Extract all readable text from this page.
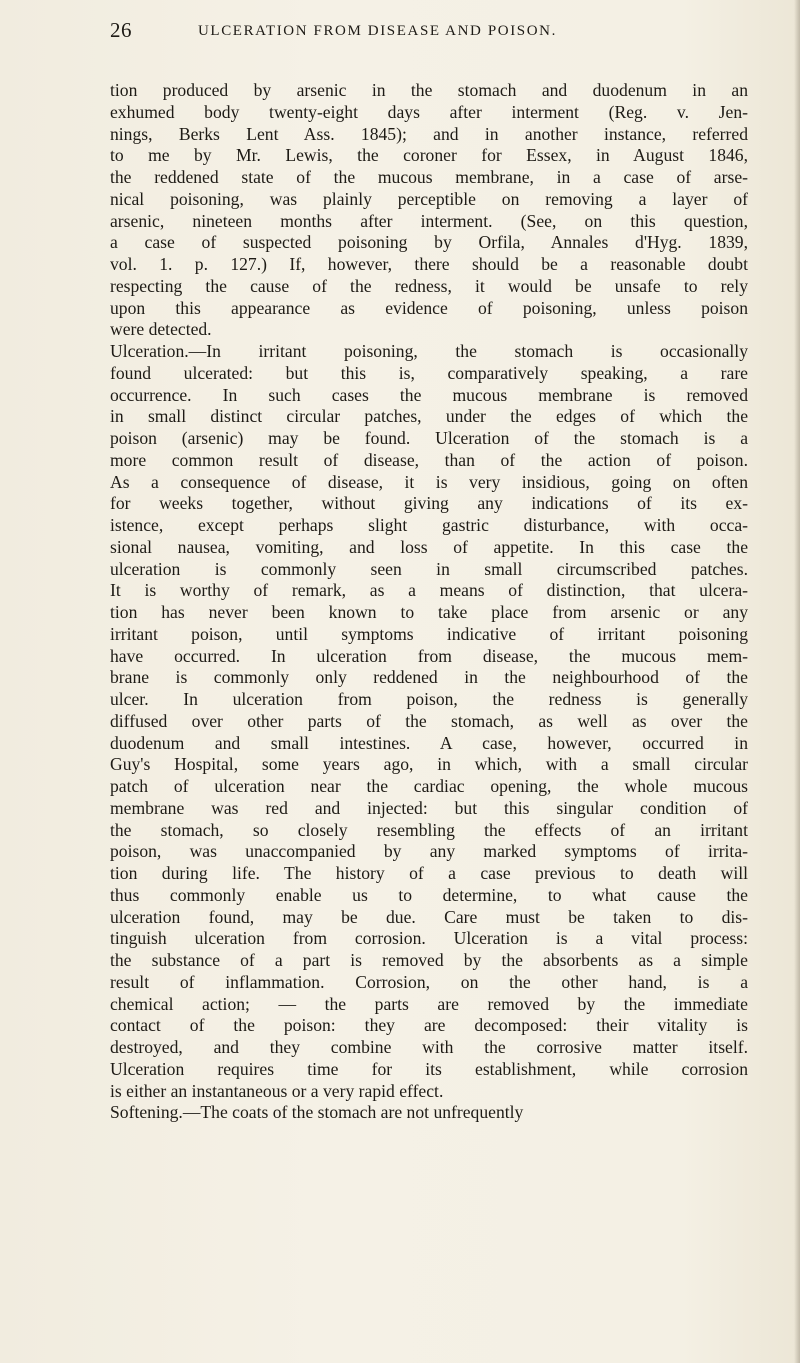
26	ULCERATION FROM DISEASE AND POISON.
tion produced by arsenic in the stomach and duodenum in an
exhumed body twenty-eight days after interment (Reg. v. Jen-
nings, Berks Lent Ass. 1845); and in another instance, referred
to me by Mr. Lewis, the coroner for Essex, in August 1846,
the reddened state of the mucous membrane, in a case of arse-
nical poisoning, was plainly perceptible on removing a layer of
arsenic, nineteen months after interment. (See, on this question,
a case of suspected poisoning by Orfila, Annales d'Hyg. 1839,
vol. 1. p. 127.) If, however, there should be a reasonable doubt
respecting the cause of the redness, it would be unsafe to rely
upon this appearance as evidence of poisoning, unless poison
were detected.
Ulceration.—In irritant poisoning, the stomach is occasionally
found ulcerated: but this is, comparatively speaking, a rare
occurrence. In such cases the mucous membrane is removed
in small distinct circular patches, under the edges of which the
poison (arsenic) may be found. Ulceration of the stomach is a
more common result of disease, than of the action of poison.
As a consequence of disease, it is very insidious, going on often
for weeks together, without giving any indications of its ex-
istence, except perhaps slight gastric disturbance, with occa-
sional nausea, vomiting, and loss of appetite. In this case the
ulceration is commonly seen in small circumscribed patches.
It is worthy of remark, as a means of distinction, that ulcera-
tion has never been known to take place from arsenic or any
irritant poison, until symptoms indicative of irritant poisoning
have occurred. In ulceration from disease, the mucous mem-
brane is commonly only reddened in the neighbourhood of the
ulcer. In ulceration from poison, the redness is generally
diffused over other parts of the stomach, as well as over the
duodenum and small intestines. A case, however, occurred in
Guy's Hospital, some years ago, in which, with a small circular
patch of ulceration near the cardiac opening, the whole mucous
membrane was red and injected: but this singular condition of
the stomach, so closely resembling the effects of an irritant
poison, was unaccompanied by any marked symptoms of irrita-
tion during life. The history of a case previous to death will
thus commonly enable us to determine, to what cause the
ulceration found, may be due. Care must be taken to dis-
tinguish ulceration from corrosion. Ulceration is a vital process:
the substance of a part is removed by the absorbents as a simple
result of inflammation. Corrosion, on the other hand, is a
chemical action; — the parts are removed by the immediate
contact of the poison: they are decomposed: their vitality is
destroyed, and they combine with the corrosive matter itself.
Ulceration requires time for its establishment, while corrosion
is either an instantaneous or a very rapid effect.
Softening.—The coats of the stomach are not unfrequently
